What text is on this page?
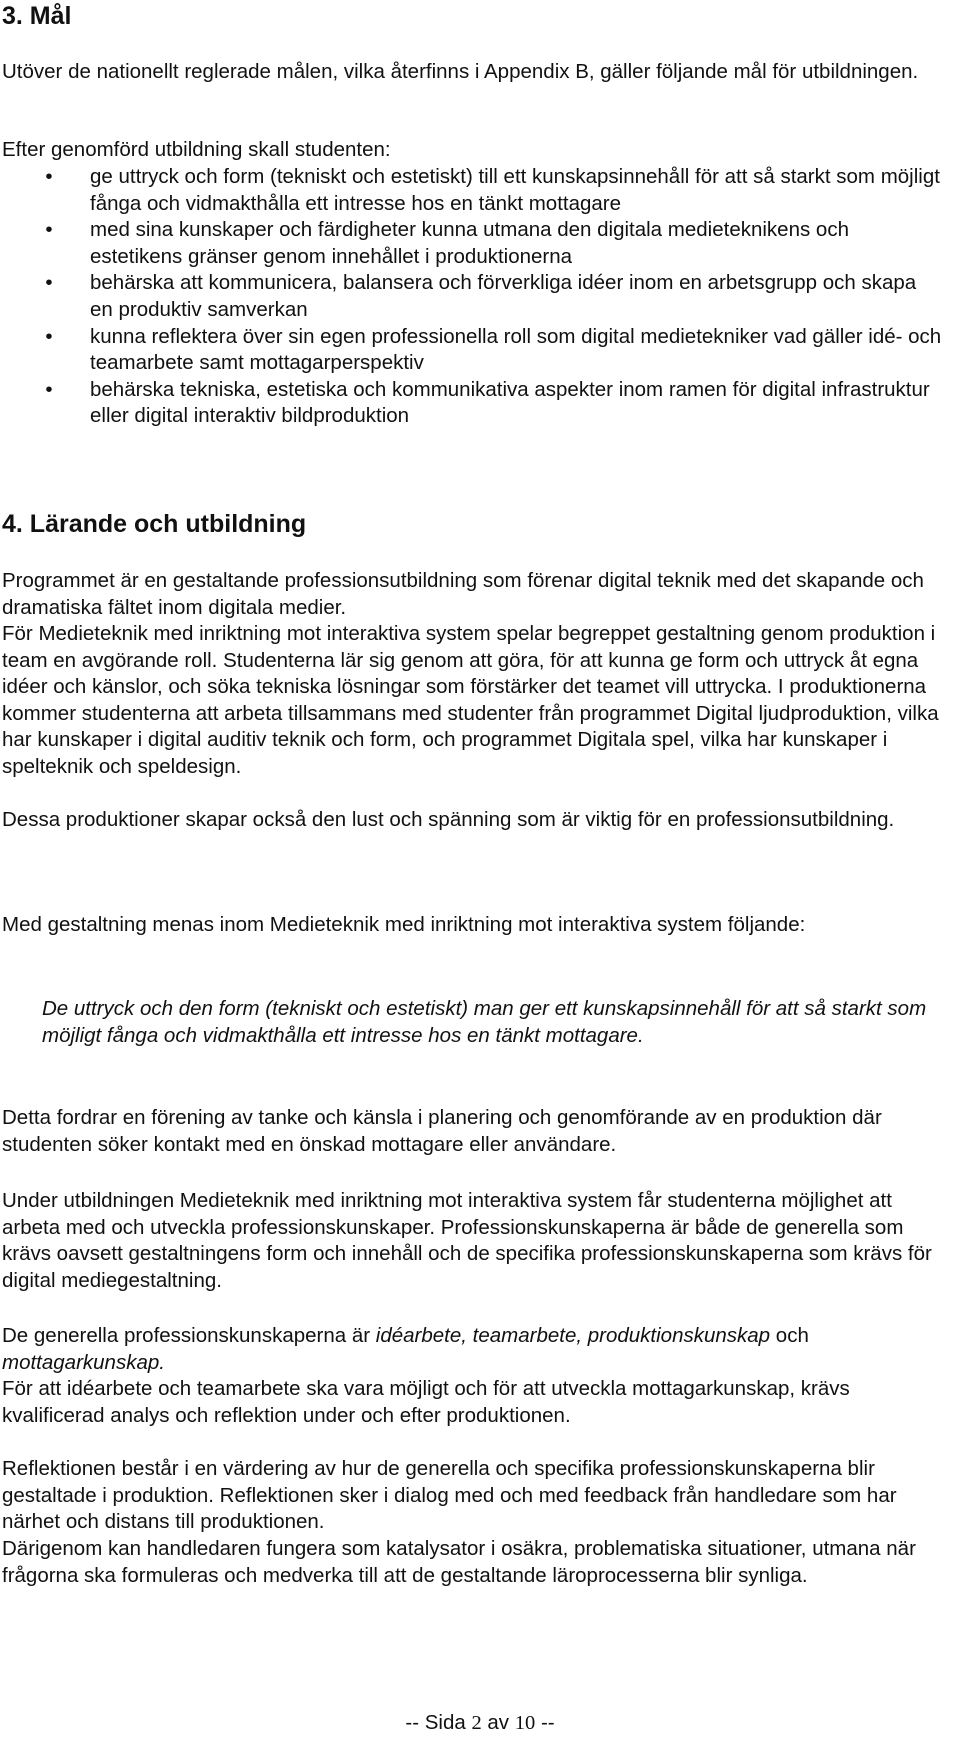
3. Mål

Utöver de nationellt reglerade målen, vilka återfinns i Appendix B, gäller följande mål för utbildningen.

Efter genomförd utbildning skall studenten:

• ge uttryck och form (tekniskt och estetiskt) till ett kunskapsinnehåll för att så starkt som möjligt fånga och vidmakthålla ett intresse hos en tänkt mottagare
• med sina kunskaper och färdigheter kunna utmana den digitala medieteknikens och estetikens gränser genom innehållet i produktionerna
• behärska att kommunicera, balansera och förverkliga idéer inom en arbetsgrupp och skapa en produktiv samverkan
• kunna reflektera över sin egen professionella roll som digital medietekniker vad gäller idé- och teamarbete samt mottagarperspektiv
• behärska tekniska, estetiska och kommunikativa aspekter inom ramen för digital infrastruktur eller digital interaktiv bildproduktion
4. Lärande och utbildning

Programmet är en gestaltande professionsutbildning som förenar digital teknik med det skapande och dramatiska fältet inom digitala medier.

För Medieteknik med inriktning mot interaktiva system spelar begreppet gestaltning genom produktion i team en avgörande roll. Studenterna lär sig genom att göra, för att kunna ge form och uttryck åt egna idéer och känslor, och söka tekniska lösningar som förstärker det teamet vill uttrycka. I produktionerna kommer studenterna att arbeta tillsammans med studenter från programmet Digital ljudproduktion, vilka har kunskaper i digital auditiv teknik och form, och programmet Digitala spel, vilka har kunskaper i spelteknik och speldesign.

Dessa produktioner skapar också den lust och spänning som är viktig för en professionsutbildning.

Med gestaltning menas inom Medieteknik med inriktning mot interaktiva system följande:

De uttryck och den form (tekniskt och estetiskt) man ger ett kunskapsinnehåll för att så starkt som möjligt fånga och vidmakthålla ett intresse hos en tänkt mottagare.

Detta fordrar en förening av tanke och känsla i planering och genomförande av en produktion där studenten söker kontakt med en önskad mottagare eller användare.

Under utbildningen Medieteknik med inriktning mot interaktiva system får studenterna möjlighet att arbeta med och utveckla professionskunskaper. Professionskunskaperna är både de generella som krävs oavsett gestaltningens form och innehåll och de specifika professionskunskaperna som krävs för digital mediegestaltning.

De generella professionskunskaperna är idéarbete, teamarbete, produktionskunskap och mottagarkunskap.

För att idéarbete och teamarbete ska vara möjligt och för att utveckla mottagarkunskap, krävs kvalificerad analys och reflektion under och efter produktionen.

Reflektionen består i en värdering av hur de generella och specifika professionskunskaperna blir gestaltade i produktion. Reflektionen sker i dialog med och med feedback från handledare som har närhet och distans till produktionen.

Därigenom kan handledaren fungera som katalysator i osäkra, problematiska situationer, utmana när frågorna ska formuleras och medverka till att de gestaltande läroprocesserna blir synliga.

-- Sida 2 av 10 --
